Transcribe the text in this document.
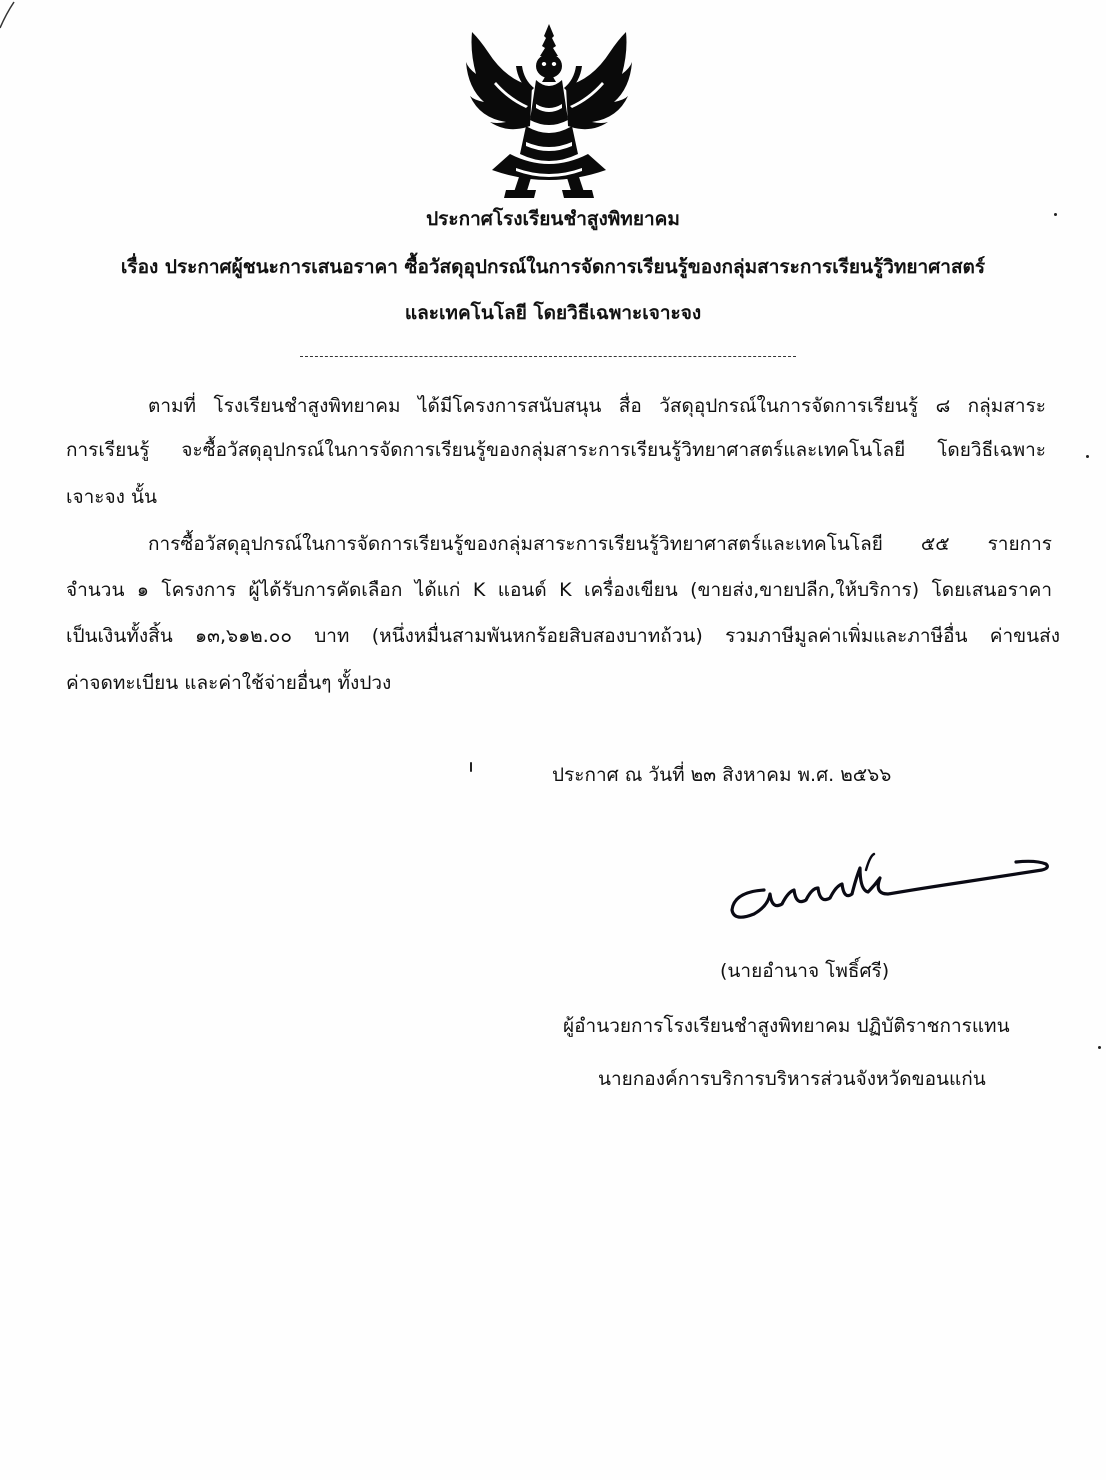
ประกาศโรงเรียนชำสูงพิทยาคม
เรื่อง ประกาศผู้ชนะการเสนอราคา ซื้อวัสดุอุปกรณ์ในการจัดการเรียนรู้ของกลุ่มสาระการเรียนรู้วิทยาศาสตร์
และเทคโนโลยี โดยวิธีเฉพาะเจาะจง
ตามที่ โรงเรียนชำสูงพิทยาคม ได้มีโครงการสนับสนุน สื่อ วัสดุอุปกรณ์ในการจัดการเรียนรู้ ๘ กลุ่มสาระ
การเรียนรู้ จะซื้อวัสดุอุปกรณ์ในการจัดการเรียนรู้ของกลุ่มสาระการเรียนรู้วิทยาศาสตร์และเทคโนโลยี โดยวิธีเฉพาะ
เจาะจง นั้น
การซื้อวัสดุอุปกรณ์ในการจัดการเรียนรู้ของกลุ่มสาระการเรียนรู้วิทยาศาสตร์และเทคโนโลยี ๕๕ รายการ
จำนวน ๑ โครงการ ผู้ได้รับการคัดเลือก ได้แก่ K แอนด์ K เครื่องเขียน (ขายส่ง,ขายปลีก,ให้บริการ) โดยเสนอราคา
เป็นเงินทั้งสิ้น ๑๓,๖๑๒.๐๐ บาท (หนึ่งหมื่นสามพันหกร้อยสิบสองบาทถ้วน) รวมภาษีมูลค่าเพิ่มและภาษีอื่น ค่าขนส่ง
ค่าจดทะเบียน และค่าใช้จ่ายอื่นๆ ทั้งปวง
ประกาศ ณ วันที่ ๒๓ สิงหาคม พ.ศ. ๒๕๖๖
(นายอำนาจ โพธิ์ศรี)
ผู้อำนวยการโรงเรียนชำสูงพิทยาคม ปฏิบัติราชการแทน
นายกองค์การบริการบริหารส่วนจังหวัดขอนแก่น
